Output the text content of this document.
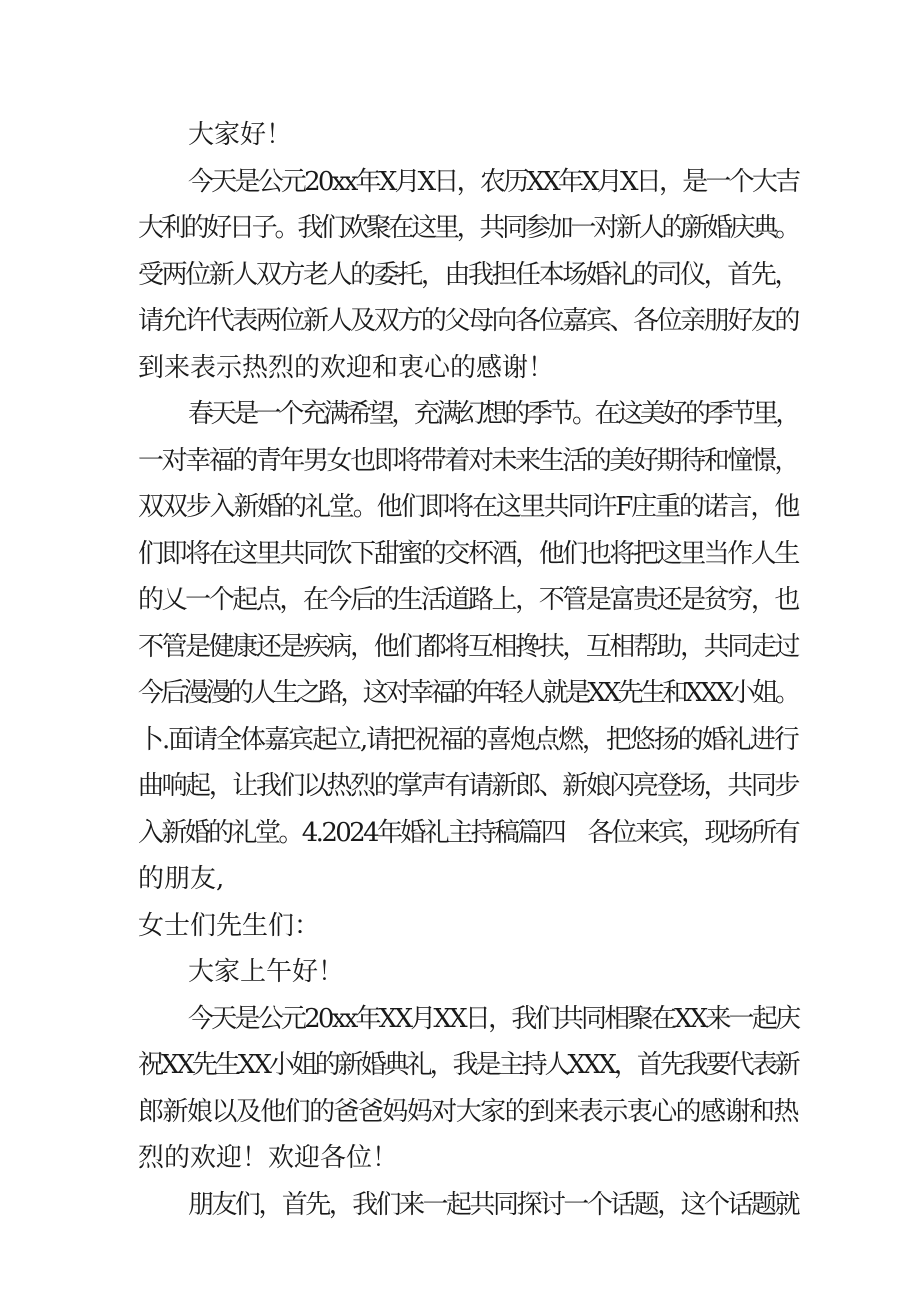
大家好！
今天是公元20xx年X月X日，农历XX年X月X日，是一个大吉
大利的好日子。我们欢聚在这里，共同参加一对新人的新婚庆典。
受两位新人双方老人的委托，由我担任本场婚礼的司仪，首先，
请允许代表两位新人及双方的父母向各位嘉宾、各位亲朋好友的
到来表示热烈的欢迎和衷心的感谢！
春天是一个充满希望，充满幻想的季节。在这美好的季节里，
一对幸福的青年男女也即将带着对未来生活的美好期待和憧憬，
双双步入新婚的礼堂。他们即将在这里共同许F庄重的诺言，他
们即将在这里共同饮下甜蜜的交杯酒，他们也将把这里当作人生
的乂一个起点，在今后的生活道路上，不管是富贵还是贫穷，也
不管是健康还是疾病，他们都将互相搀扶，互相帮助，共同走过
今后漫漫的人生之路，这对幸福的年轻人就是XX先生和XXX小姐。
卜.面请全体嘉宾起立,请把祝福的喜炮点燃，把悠扬的婚礼进行
曲响起，让我们以热烈的掌声有请新郎、新娘闪亮登场，共同步
入新婚的礼堂。4.2024年婚礼主持稿篇四　各位来宾，现场所有
的朋友,
女士们先生们：
大家上午好！
今天是公元20xx年XX月XX日，我们共同相聚在XX来一起庆
祝XX先生XX小姐的新婚典礼，我是主持人XXX，首先我要代表新
郎新娘以及他们的爸爸妈妈对大家的到来表示衷心的感谢和热
烈的欢迎！欢迎各位！
朋友们，首先，我们来一起共同探讨一个话题，这个话题就
